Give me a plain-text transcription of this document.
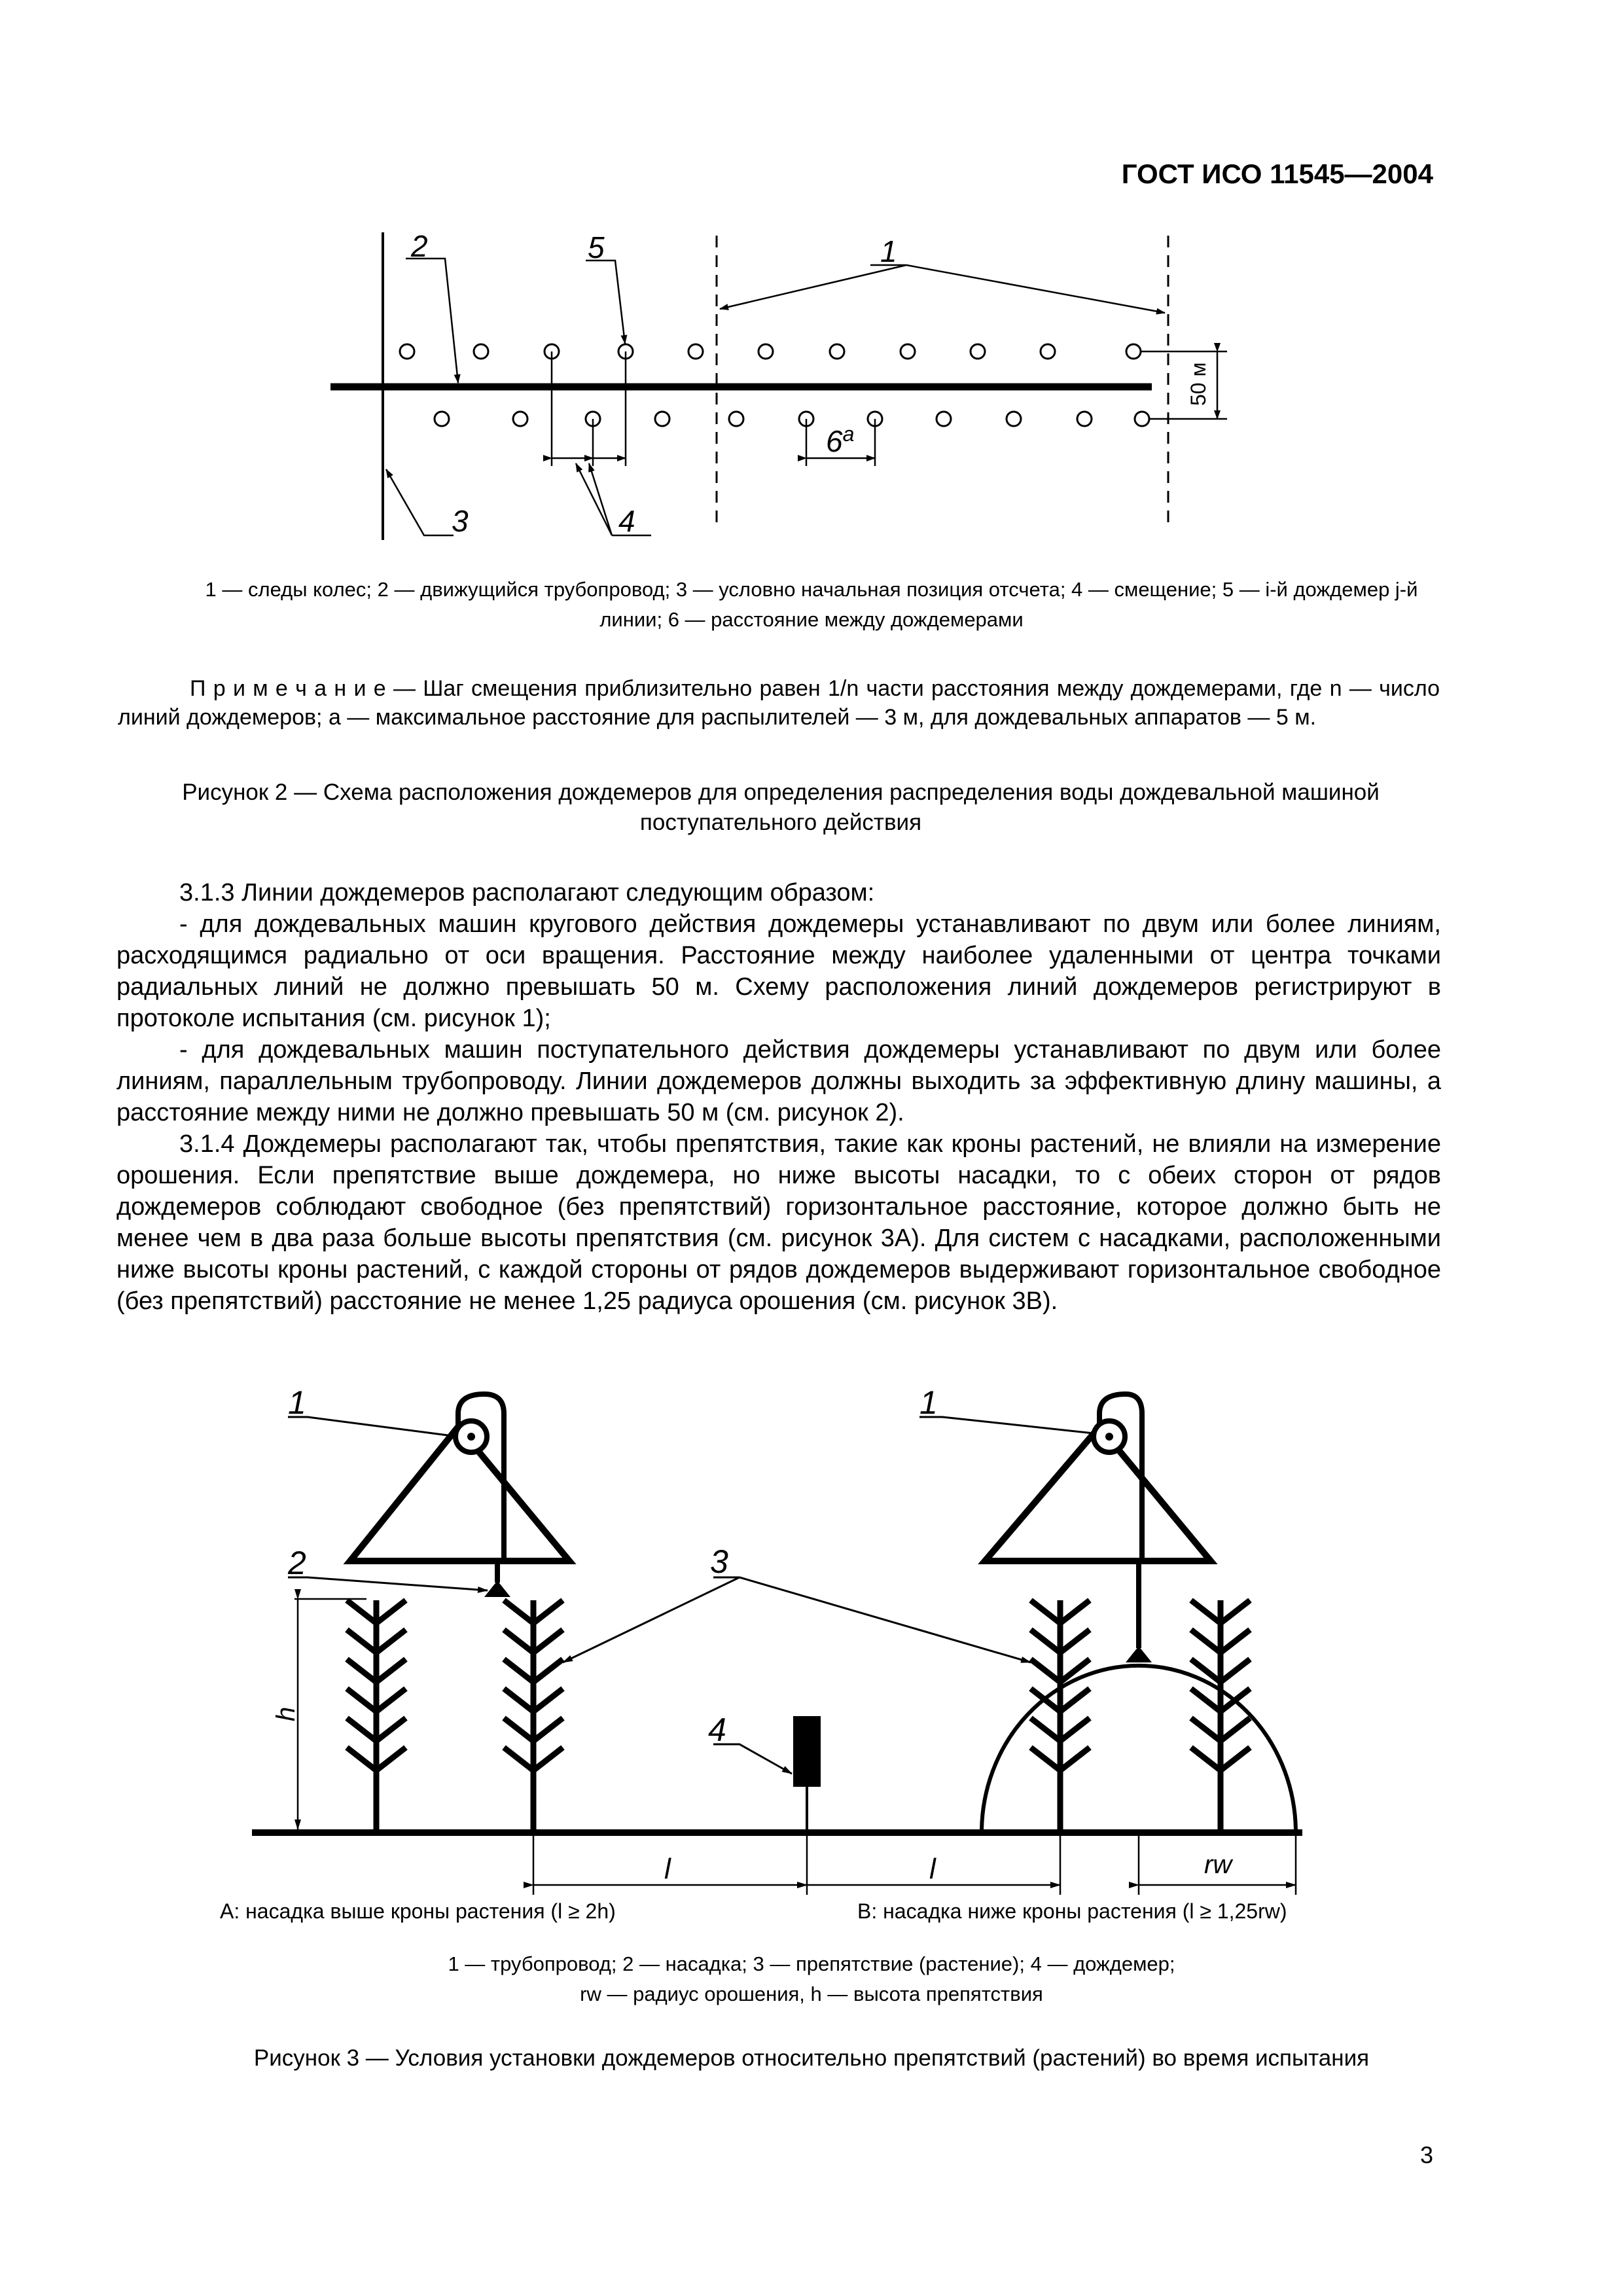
ГОСТ ИСО 11545—2004
2	5	1
3	4
6$^a$
50 м
1 — следы колес; 2 — движущийся трубопровод; 3 — условно начальная позиция отсчета; 4 — смещение; 5 — i-й дождемер j-й
линии; 6 — расстояние между дождемерами
П р и м е ч а н и е — Шаг смещения приблизительно равен 1/n части расстояния между дождемерами, где n — число линий дождемеров; a — максимальное расстояние для распылителей — 3 м, для дождевальных аппаратов — 5 м.
Рисунок 2 — Схема расположения дождемеров для определения распределения воды дождевальной машиной
поступательного действия

3.1.3 Линии дождемеров располагают следующим образом:

- для дождевальных машин кругового действия дождемеры устанавливают по двум или более линиям, расходящимся радиально от оси вращения. Расстояние между наиболее удаленными от центра точками радиальных линий не должно превышать 50 м. Схему расположения линий дождемеров регистрируют в протоколе испытания (см. рисунок 1);

- для дождевальных машин поступательного действия дождемеры устанавливают по двум или более линиям, параллельным трубопроводу. Линии дождемеров должны выходить за эффективную длину машины, а расстояние между ними не должно превышать 50 м (см. рисунок 2).

3.1.4 Дождемеры располагают так, чтобы препятствия, такие как кроны растений, не влияли на измерение орошения. Если препятствие выше дождемера, но ниже высоты насадки, то с обеих сторон от рядов дождемеров соблюдают свободное (без препятствий) горизонтальное расстояние, которое должно быть не менее чем в два раза больше высоты препятствия (см. рисунок 3A). Для систем с насадками, расположенными ниже высоты кроны растений, с каждой стороны от рядов дождемеров выдерживают горизонтальное свободное (без препятствий) расстояние не менее 1,25 радиуса орошения (см. рисунок 3B).

1	1
2	3
4
h
l	l	rw
A: насадка выше кроны растения (l ≥ 2h)	B: насадка ниже кроны растения (l ≥ 1,25rw)
1 — трубопровод; 2 — насадка; 3 — препятствие (растение); 4 — дождемер;
rw — радиус орошения, h — высота препятствия
Рисунок 3 — Условия установки дождемеров относительно препятствий (растений) во время испытания
3
